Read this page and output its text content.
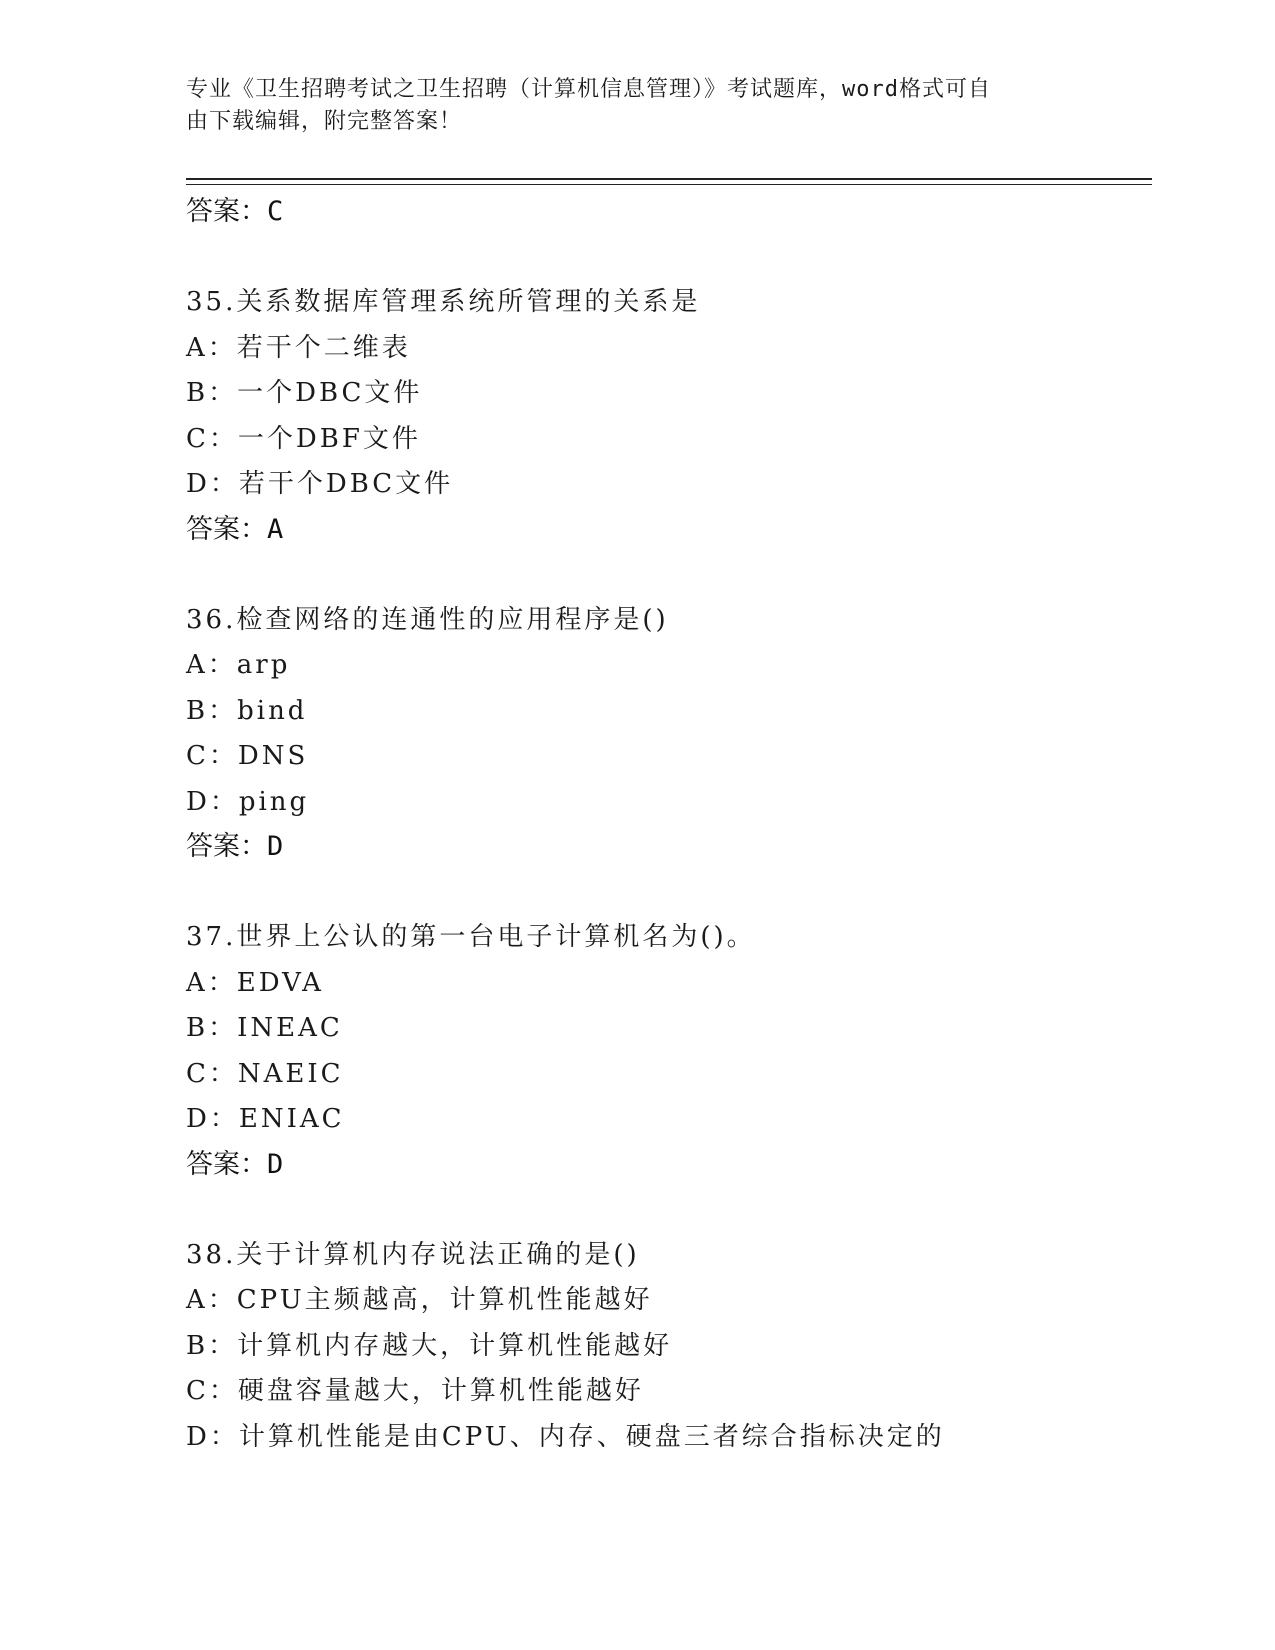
专业《卫生招聘考试之卫生招聘（计算机信息管理）》考试题库，word格式可自
由下载编辑，附完整答案！
答案：C
35.关系数据库管理系统所管理的关系是
A：若干个二维表
B：一个DBC文件
C：一个DBF文件
D：若干个DBC文件
答案：A
36.检查网络的连通性的应用程序是()
A：arp
B：bind
C：DNS
D：ping
答案：D
37.世界上公认的第一台电子计算机名为()。
A：EDVA
B：INEAC
C：NAEIC
D：ENIAC
答案：D
38.关于计算机内存说法正确的是()
A：CPU主频越高，计算机性能越好
B：计算机内存越大，计算机性能越好
C：硬盘容量越大，计算机性能越好
D：计算机性能是由CPU、内存、硬盘三者综合指标决定的
